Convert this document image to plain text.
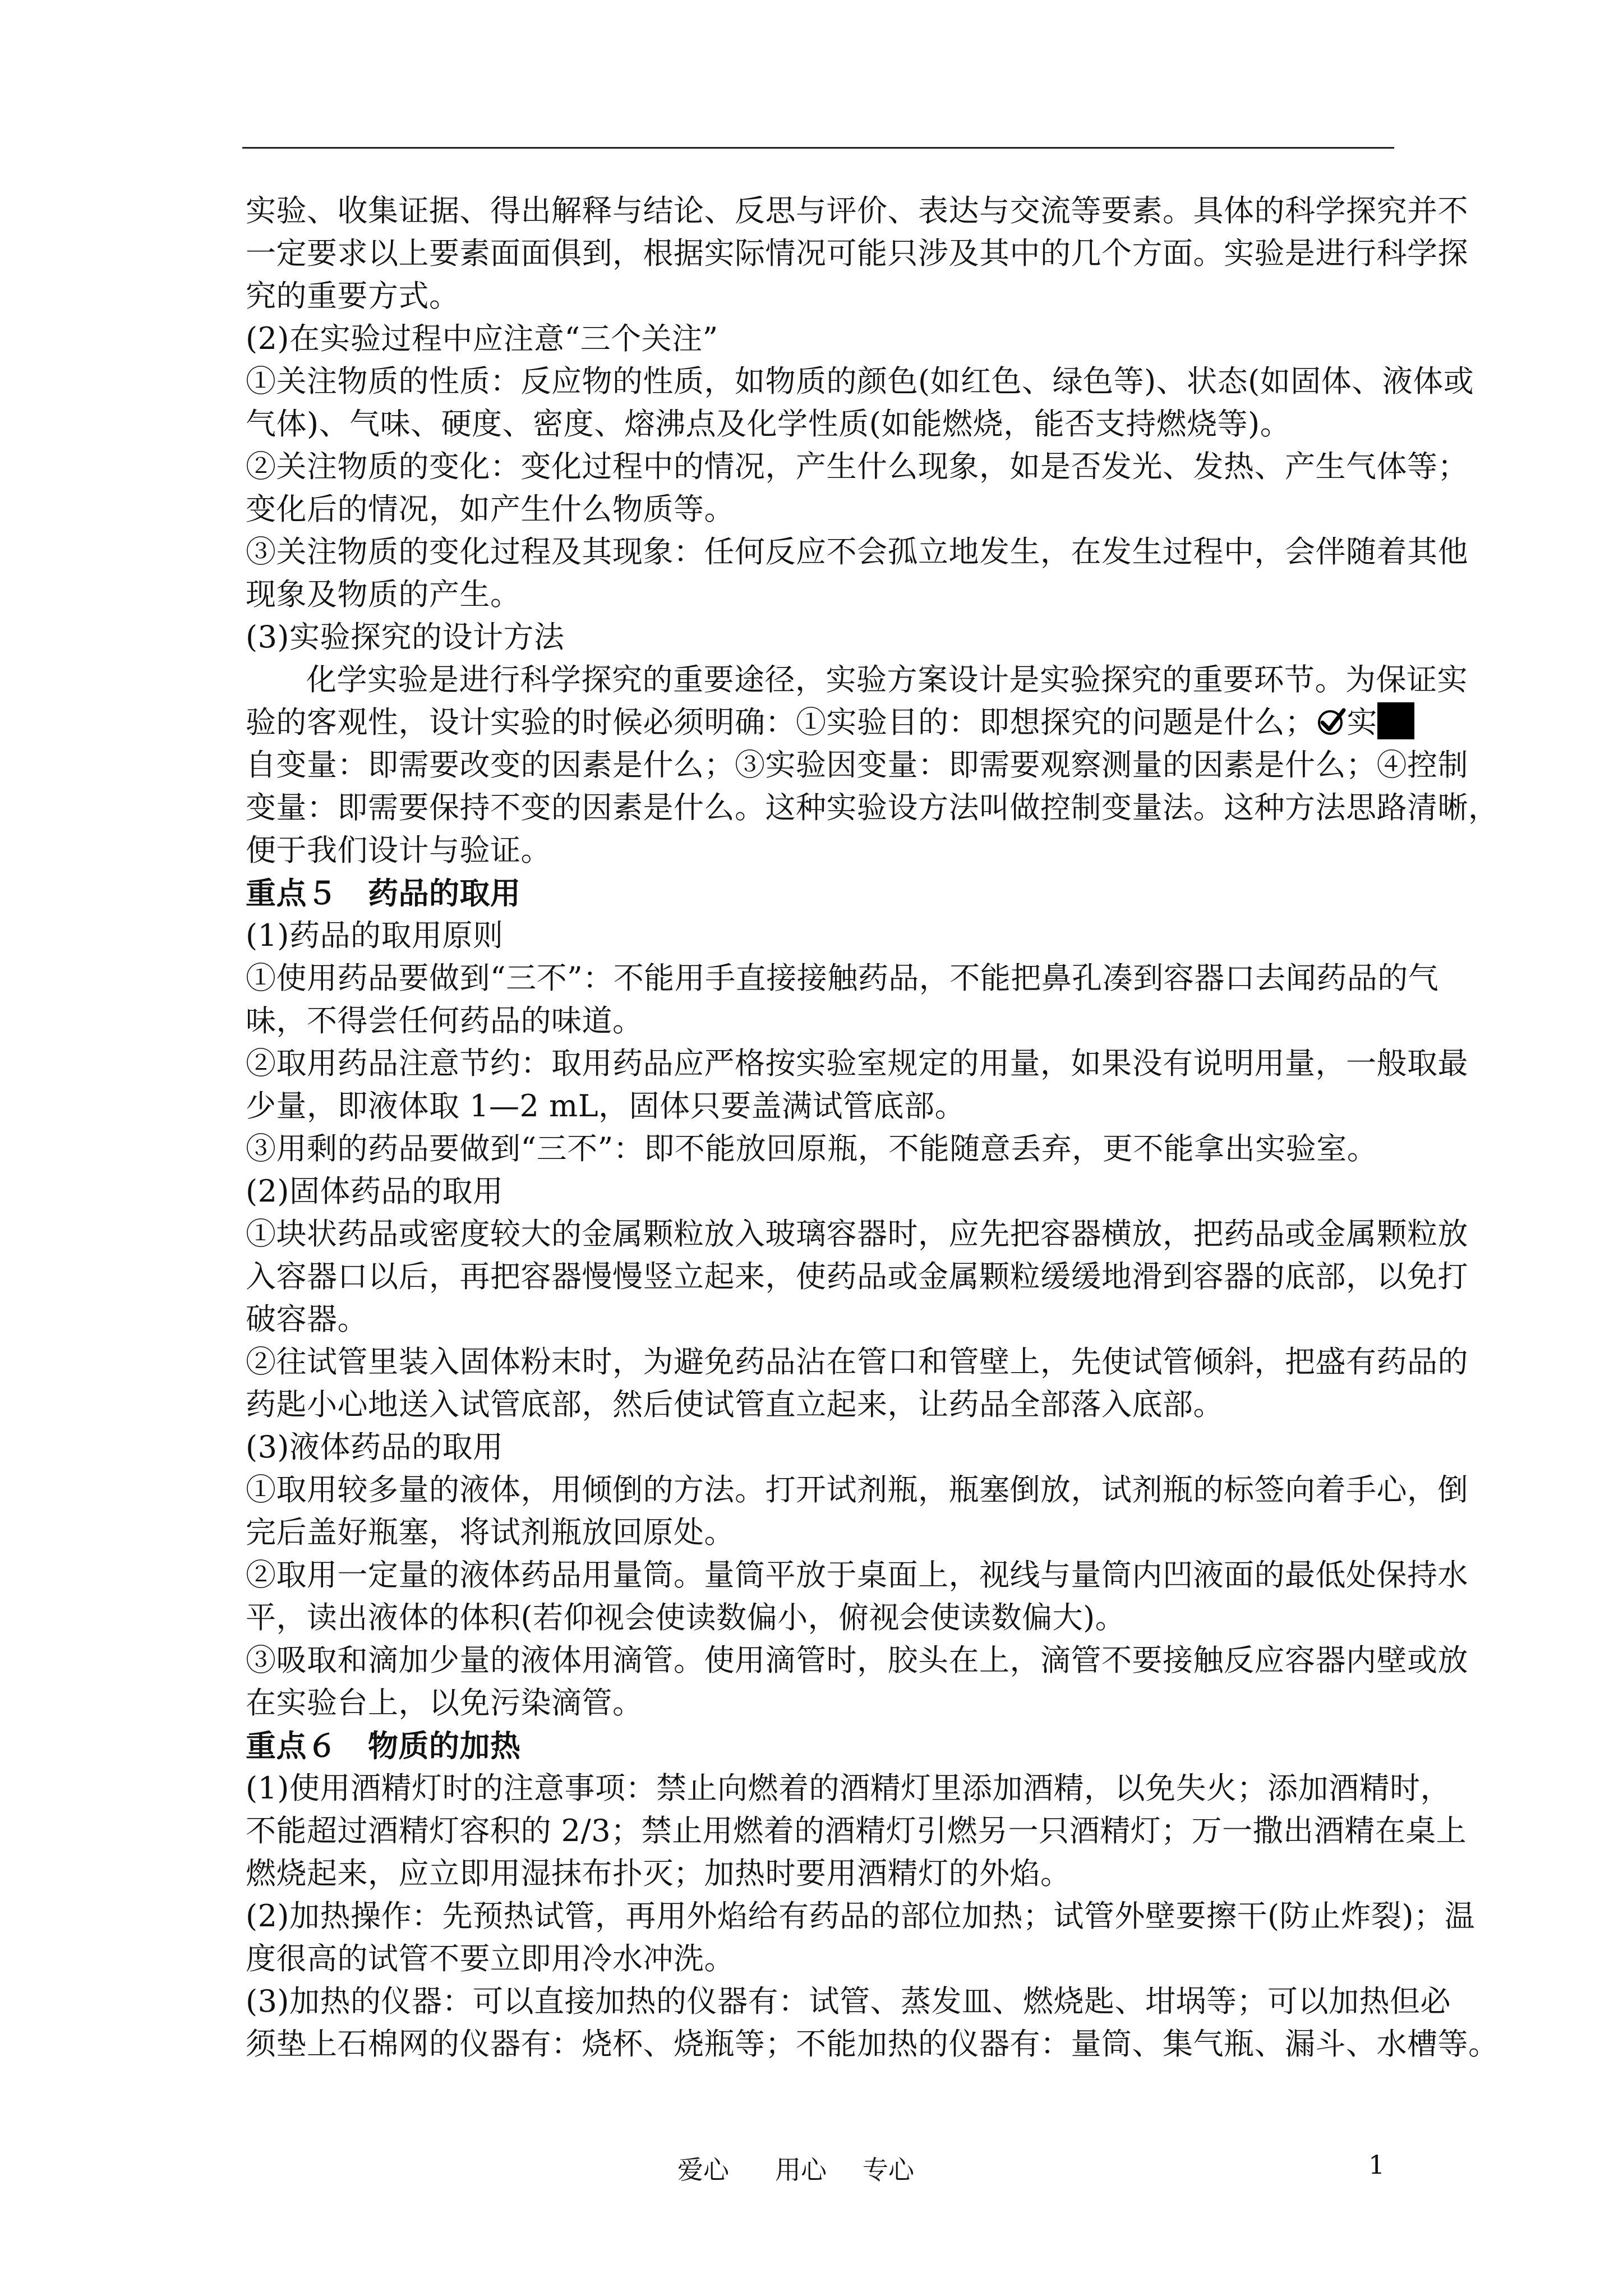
实验、收集证据、得出解释与结论、反思与评价、表达与交流等要素。具体的科学探究并不
一定要求以上要素面面俱到，根据实际情况可能只涉及其中的几个方面。实验是进行科学探
究的重要方式。
(2)在实验过程中应注意“三个关注”
①关注物质的性质：反应物的性质，如物质的颜色(如红色、绿色等)、状态(如固体、液体或
气体)、气味、硬度、密度、熔沸点及化学性质(如能燃烧，能否支持燃烧等)。
②关注物质的变化：变化过程中的情况，产生什么现象，如是否发光、发热、产生气体等；
变化后的情况，如产生什么物质等。
③关注物质的变化过程及其现象：任何反应不会孤立地发生，在发生过程中，会伴随着其他
现象及物质的产生。
(3)实验探究的设计方法
化学实验是进行科学探究的重要途径，实验方案设计是实验探究的重要环节。为保证实
验的客观性，设计实验的时候必须明确：①实验目的：即想探究的问题是什么； 实
自变量：即需要改变的因素是什么；③实验因变量：即需要观察测量的因素是什么；④控制
变量：即需要保持不变的因素是什么。这种实验设方法叫做控制变量法。这种方法思路清晰，
便于我们设计与验证。
重点５　药品的取用
(1)药品的取用原则
①使用药品要做到“三不”：不能用手直接接触药品，不能把鼻孔凑到容器口去闻药品的气
味，不得尝任何药品的味道。
②取用药品注意节约：取用药品应严格按实验室规定的用量，如果没有说明用量，一般取最
少量，即液体取 1—2 mL，固体只要盖满试管底部。
③用剩的药品要做到“三不”：即不能放回原瓶，不能随意丢弃，更不能拿出实验室。
(2)固体药品的取用
①块状药品或密度较大的金属颗粒放入玻璃容器时，应先把容器横放，把药品或金属颗粒放
入容器口以后，再把容器慢慢竖立起来，使药品或金属颗粒缓缓地滑到容器的底部，以免打
破容器。
②往试管里装入固体粉末时，为避免药品沾在管口和管壁上，先使试管倾斜，把盛有药品的
药匙小心地送入试管底部，然后使试管直立起来，让药品全部落入底部。
(3)液体药品的取用
①取用较多量的液体，用倾倒的方法。打开试剂瓶，瓶塞倒放，试剂瓶的标签向着手心，倒
完后盖好瓶塞，将试剂瓶放回原处。
②取用一定量的液体药品用量筒。量筒平放于桌面上，视线与量筒内凹液面的最低处保持水
平，读出液体的体积(若仰视会使读数偏小，俯视会使读数偏大)。
③吸取和滴加少量的液体用滴管。使用滴管时，胶头在上，滴管不要接触反应容器内壁或放
在实验台上，以免污染滴管。
重点６　物质的加热
(1)使用酒精灯时的注意事项：禁止向燃着的酒精灯里添加酒精，以免失火；添加酒精时，
不能超过酒精灯容积的 2/3；禁止用燃着的酒精灯引燃另一只酒精灯；万一撒出酒精在桌上
燃烧起来，应立即用湿抹布扑灭；加热时要用酒精灯的外焰。
(2)加热操作：先预热试管，再用外焰给有药品的部位加热；试管外壁要擦干(防止炸裂)；温
度很高的试管不要立即用冷水冲洗。
(3)加热的仪器：可以直接加热的仪器有：试管、蒸发皿、燃烧匙、坩埚等；可以加热但必
须垫上石棉网的仪器有：烧杯、烧瓶等；不能加热的仪器有：量筒、集气瓶、漏斗、水槽等。
爱心 用心 专心	1
